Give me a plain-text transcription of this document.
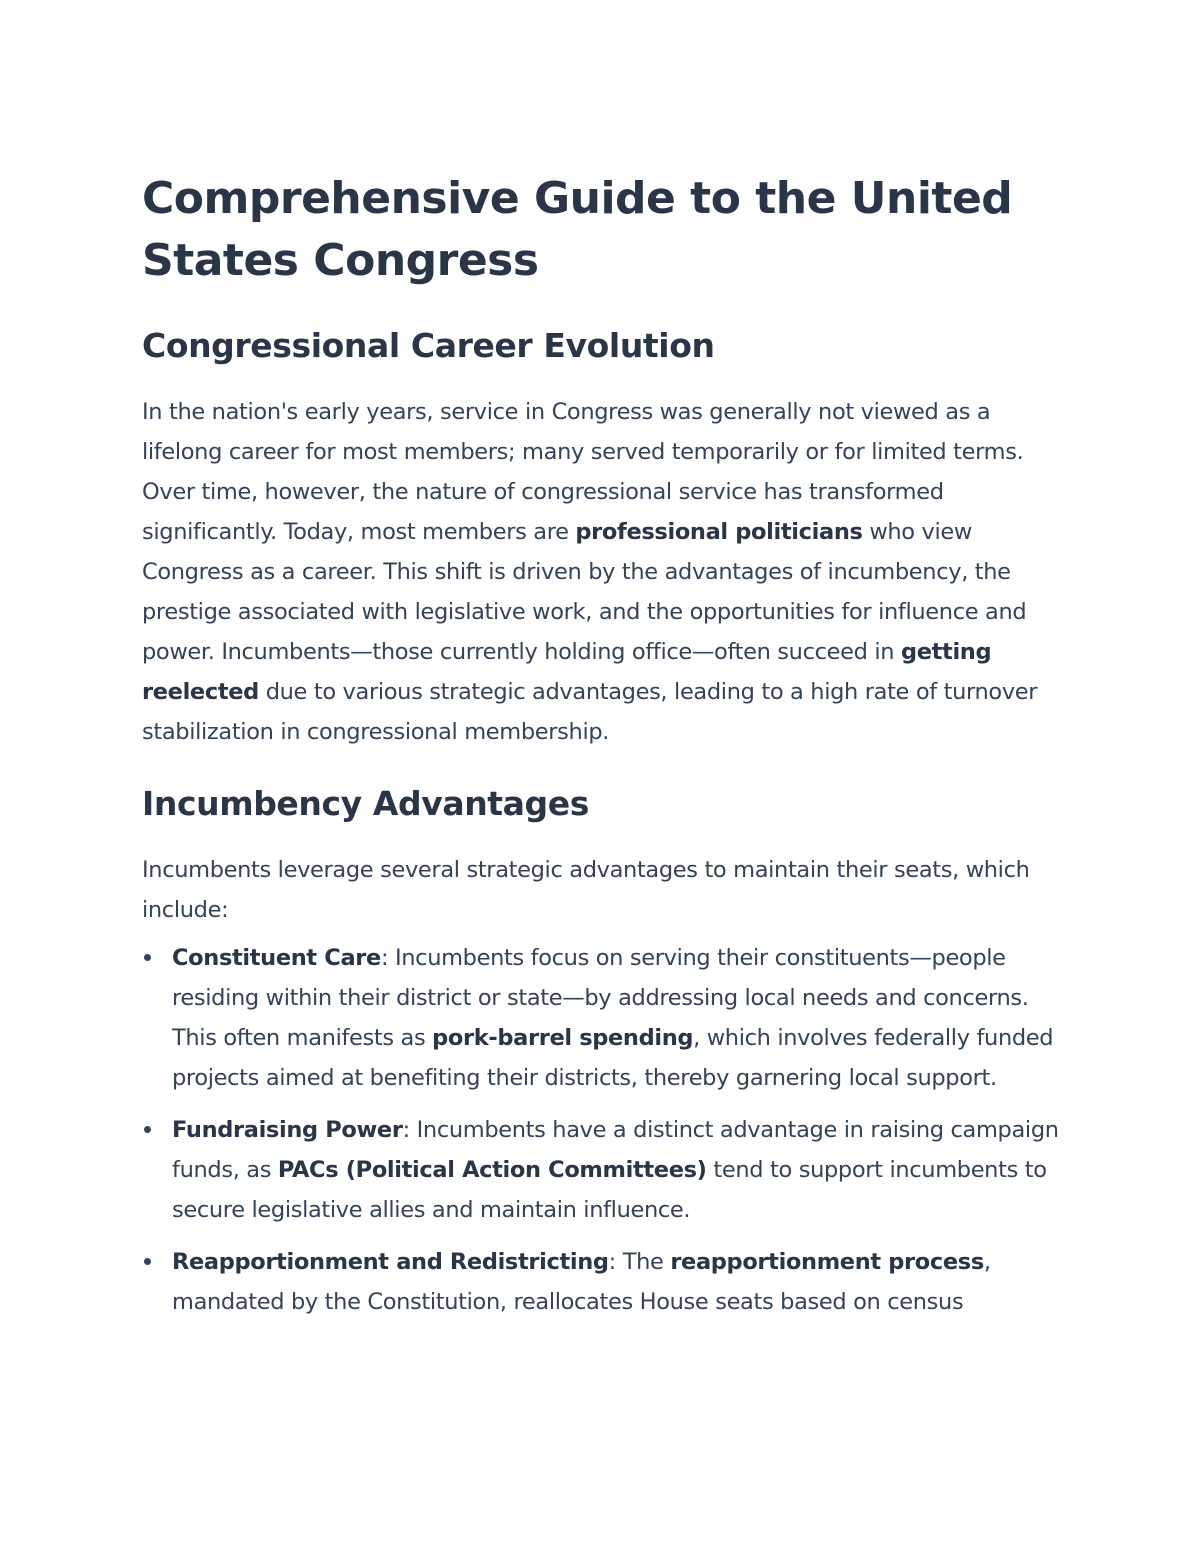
Comprehensive Guide to the United States Congress
Congressional Career Evolution

In the nation's early years, service in Congress was generally not viewed as a lifelong career for most members; many served temporarily or for limited terms. Over time, however, the nature of congressional service has transformed significantly. Today, most members are professional politicians who view Congress as a career. This shift is driven by the advantages of incumbency, the prestige associated with legislative work, and the opportunities for influence and power. Incumbents—those currently holding office—often succeed in getting reelected due to various strategic advantages, leading to a high rate of turnover stabilization in congressional membership.

Incumbency Advantages

Incumbents leverage several strategic advantages to maintain their seats, which include:

Constituent Care: Incumbents focus on serving their constituents—people residing within their district or state—by addressing local needs and concerns. This often manifests as pork-barrel spending, which involves federally funded projects aimed at benefiting their districts, thereby garnering local support.
Fundraising Power: Incumbents have a distinct advantage in raising campaign funds, as PACs (Political Action Committees) tend to support incumbents to secure legislative allies and maintain influence.
Reapportionment and Redistricting: The reapportionment process, mandated by the Constitution, reallocates House seats based on census
